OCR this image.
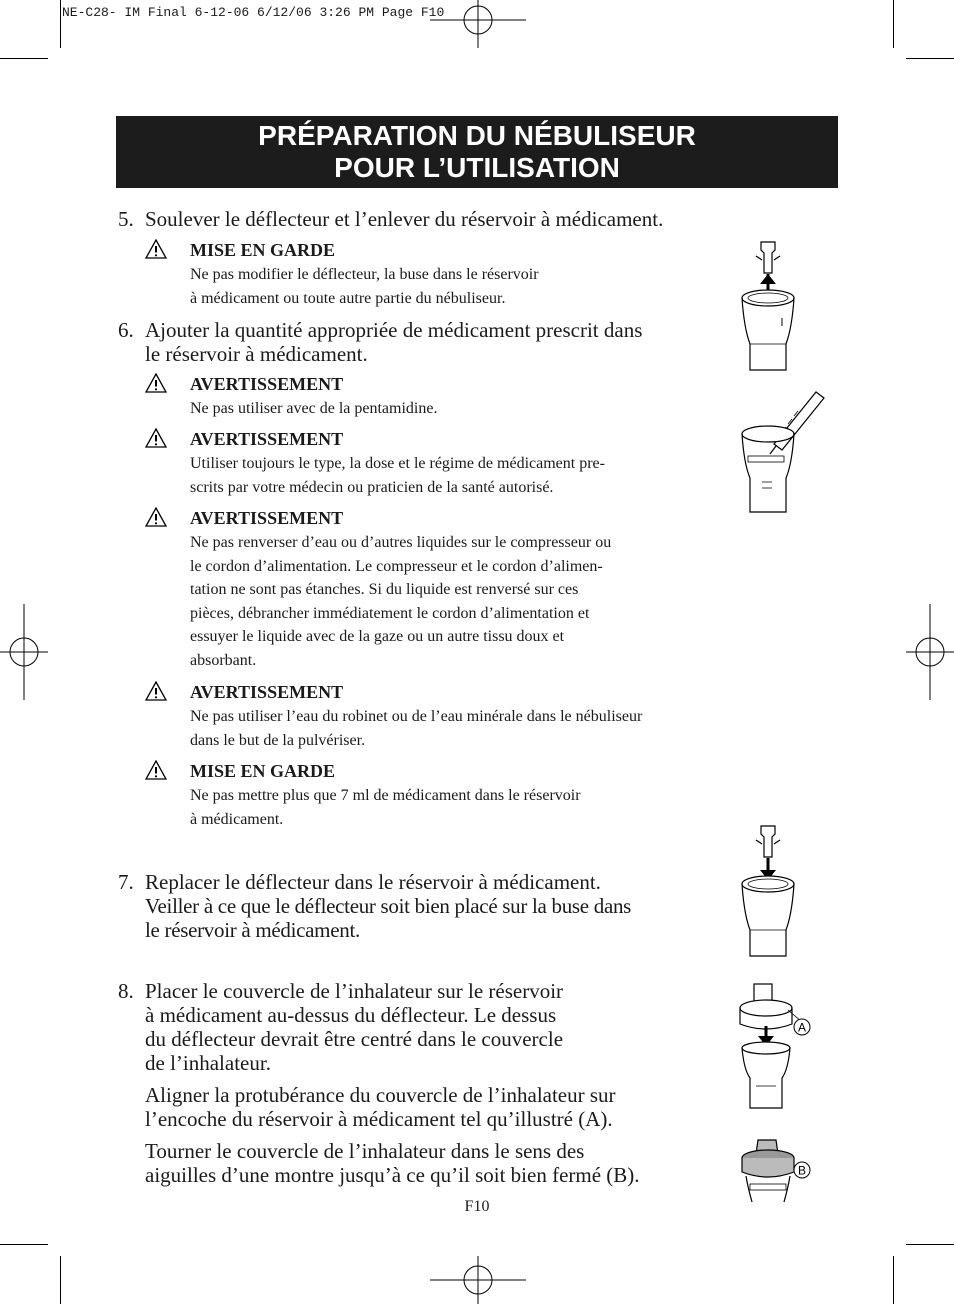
NE-C28- IM Final 6-12-06 6/12/06 3:26 PM Page F10
PRÉPARATION DU NÉBULISEUR
POUR L’UTILISATION
5. Soulever le déflecteur et l’enlever du réservoir à médicament.
MISE EN GARDE
Ne pas modifier le déflecteur, la buse dans le réservoir
à médicament ou toute autre partie du nébuliseur.
6. Ajouter la quantité appropriée de médicament prescrit dans
le réservoir à médicament.
AVERTISSEMENT
Ne pas utiliser avec de la pentamidine.
AVERTISSEMENT
Utiliser toujours le type, la dose et le régime de médicament pre-
scrits par votre médecin ou praticien de la santé autorisé.
AVERTISSEMENT
Ne pas renverser d’eau ou d’autres liquides sur le compresseur ou
le cordon d’alimentation. Le compresseur et le cordon d’alimen-
tation ne sont pas étanches. Si du liquide est renversé sur ces
pièces, débrancher immédiatement le cordon d’alimentation et
essuyer le liquide avec de la gaze ou un autre tissu doux et
absorbant.
AVERTISSEMENT
Ne pas utiliser l’eau du robinet ou de l’eau minérale dans le nébuliseur
dans le but de la pulvériser.
MISE EN GARDE
Ne pas mettre plus que 7 ml de médicament dans le réservoir
à médicament.
7. Replacer le déflecteur dans le réservoir à médicament.
Veiller à ce que le déflecteur soit bien placé sur la buse dans
le réservoir à médicament.
8. Placer le couvercle de l’inhalateur sur le réservoir
à médicament au-dessus du déflecteur. Le dessus
du déflecteur devrait être centré dans le couvercle
de l’inhalateur.
Aligner la protubérance du couvercle de l’inhalateur sur
l’encoche du réservoir à médicament tel qu’illustré (A).
Tourner le couvercle de l’inhalateur dans le sens des
aiguilles d’une montre jusqu’à ce qu’il soit bien fermé (B).
A
B
F10
